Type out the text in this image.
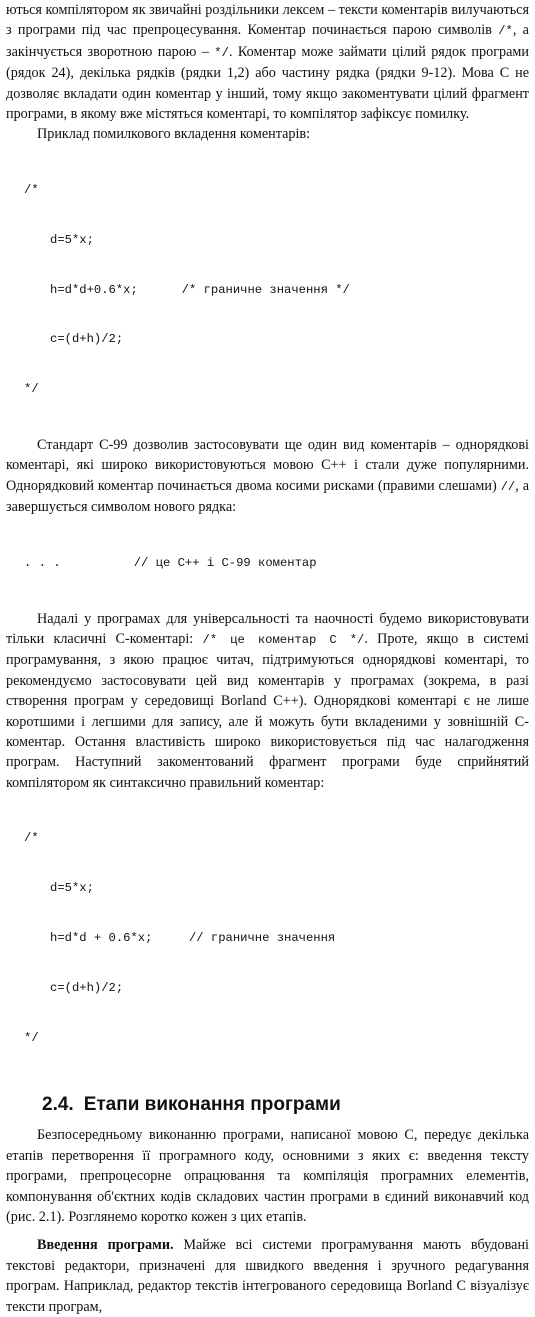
ються компілятором як звичайні роздільники лексем – тексти коментарів вилучаються з програми під час препроцесування. Коментар починається парою символів /*, а закінчується зворотною парою – */. Коментар може займати цілий рядок програми (рядок 24), декілька рядків (рядки 1,2) або частину рядка (рядки 9-12). Мова С не дозволяє вкладати один коментар у інший, тому якщо закоментувати цілий фрагмент програми, в якому вже містяться коментарі, то компілятор зафіксує помилку.

Приклад помилкового вкладення коментарів:

/*

d=5*x;

h=d*d+0.6*x;      /* граничне значення */

c=(d+h)/2;

*/

Стандарт С-99 дозволив застосовувати ще один вид коментарів – однорядкові коментарі, які широко використовуються мовою С++ і стали дуже популярними. Однорядковий коментар починається двома косими рисками (правими слешами) //, а завершується символом нового рядка:

. . .          // це C++ і C-99 коментар

Надалі у програмах для універсальності та наочності будемо використовувати тільки класичні С-коментарі: /* це коментар C */. Проте, якщо в системі програмування, з якою працює читач, підтримуються однорядкові коментарі, то рекомендуємо застосовувати цей вид коментарів у програмах (зокрема, в разі створення програм у середовищі Borland C++). Однорядкові коментарі є не лише коротшими і легшими для запису, але й можуть бути вкладеними у зовнішній С-коментар. Остання властивість широко використовується під час налагодження програм. Наступний закоментований фрагмент програми буде сприйнятий компілятором як синтаксично правильний коментар:

/*

d=5*x;

h=d*d + 0.6*x;     // граничне значення

c=(d+h)/2;

*/

2.4. Етапи виконання програми

Безпосередньому виконанню програми, написаної мовою С, передує декілька етапів перетворення її програмного коду, основними з яких є: введення тексту програми, препроцесорне опрацювання та компіляція програмних елементів, компонування об'єктних кодів складових частин програми в єдиний виконавчий код (рис. 2.1). Розглянемо коротко кожен з цих етапів.

Введення програми. Майже всі системи програмування мають вбудовані текстові редактори, призначені для швидкого введення і зручного редагування програм. Наприклад, редактор текстів інтегрованого середовища Borland С візуалізує тексти програм,
